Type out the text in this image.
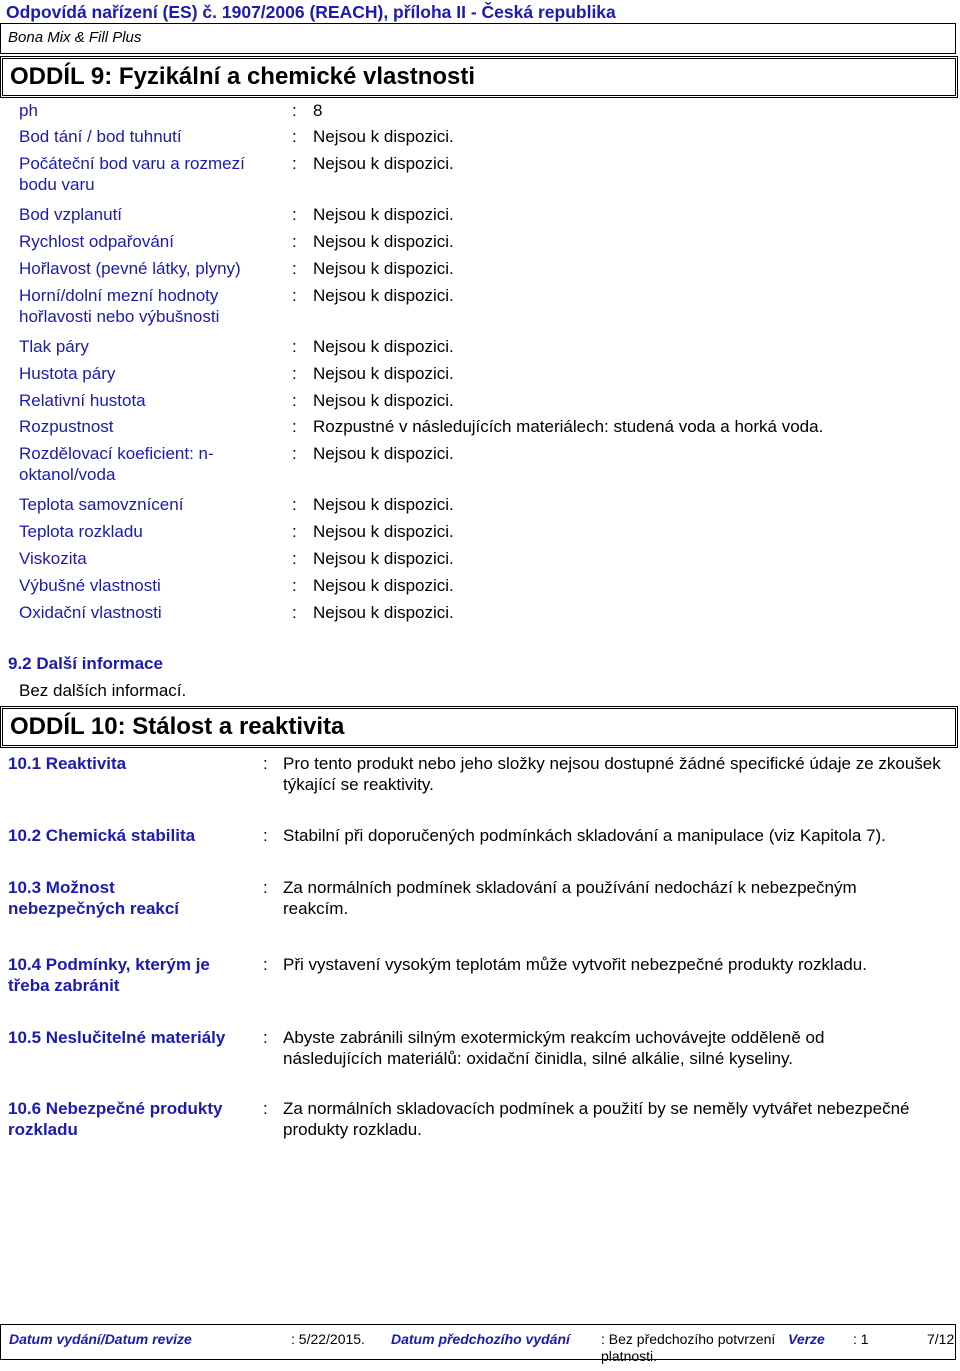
Odpovídá nařízení (ES) č. 1907/2006 (REACH), příloha II - Česká republika
Bona Mix & Fill Plus
ODDÍL 9: Fyzikální a chemické vlastnosti
ph	: 8
Bod tání / bod tuhnutí	: Nejsou k dispozici.
Počáteční bod varu a rozmezí bodu varu
: Nejsou k dispozici.
Bod vzplanutí	: Nejsou k dispozici.
Rychlost odpařování	: Nejsou k dispozici.
Hořlavost (pevné látky, plyny)	: Nejsou k dispozici.
Horní/dolní mezní hodnoty hořlavosti nebo výbušnosti
: Nejsou k dispozici.
Tlak páry	: Nejsou k dispozici.
Hustota páry	: Nejsou k dispozici.
Relativní hustota	: Nejsou k dispozici.
Rozpustnost	: Rozpustné v následujících materiálech: studená voda a horká voda.
Rozdělovací koeficient: n-oktanol/voda
: Nejsou k dispozici.
Teplota samovznícení	: Nejsou k dispozici.
Teplota rozkladu	: Nejsou k dispozici.
Viskozita	: Nejsou k dispozici.
Výbušné vlastnosti	: Nejsou k dispozici.
Oxidační vlastnosti	: Nejsou k dispozici.
9.2 Další informace
Bez dalších informací.
ODDÍL 10: Stálost a reaktivita
10.1 Reaktivita	: Pro tento produkt nebo jeho složky nejsou dostupné žádné specifické údaje ze zkoušek týkající se reaktivity.
10.2 Chemická stabilita	: Stabilní při doporučených podmínkách skladování a manipulace (viz Kapitola 7).
10.3 Možnost nebezpečných reakcí
: Za normálních podmínek skladování a používání nedochází k nebezpečným reakcím.
10.4 Podmínky, kterým je třeba zabránit
: Při vystavení vysokým teplotám může vytvořit nebezpečné produkty rozkladu.
10.5 Neslučitelné materiály	: Abyste zabránili silným exotermickým reakcím uchovávejte odděleně od následujících materiálů: oxidační činidla, silné alkálie, silné kyseliny.
10.6 Nebezpečné produkty rozkladu
: Za normálních skladovacích podmínek a použití by se neměly vytvářet nebezpečné produkty rozkladu.
Datum vydání/Datum revize	: 5/22/2015. Datum předchozího vydání : Bez předchozího potvrzení platnosti.
Verze : 1	7/12
